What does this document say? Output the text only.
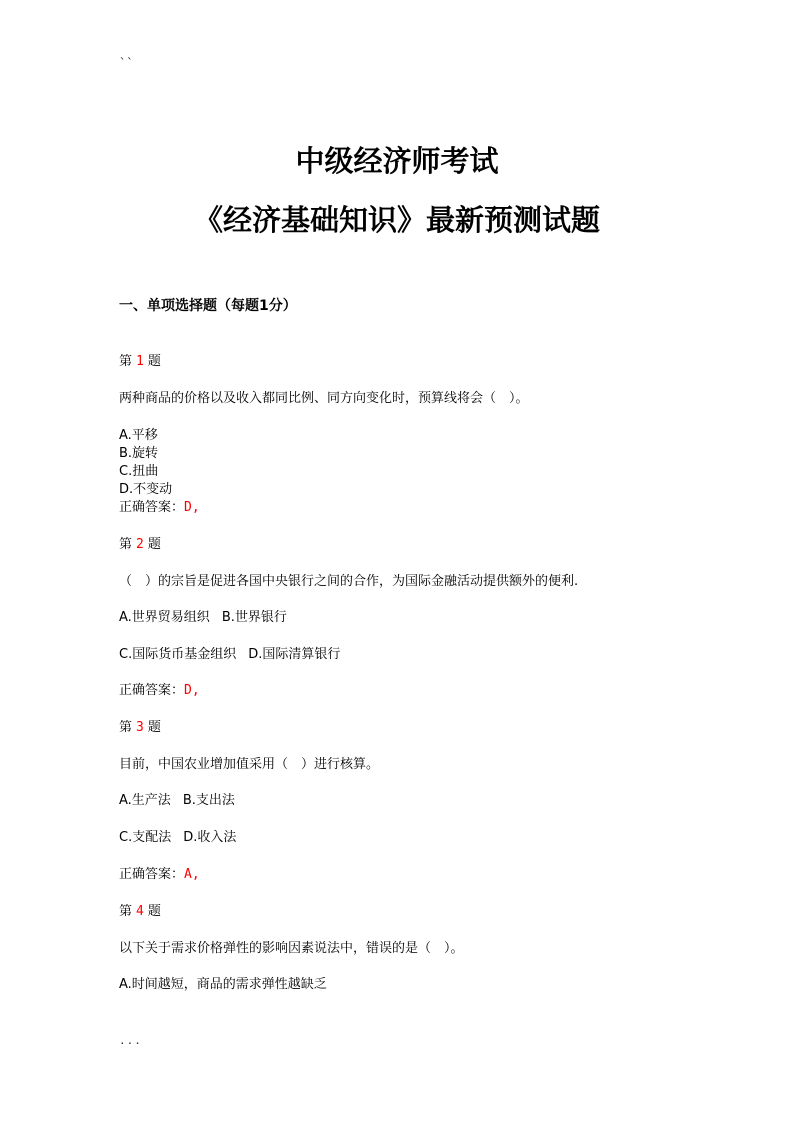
``
中级经济师考试
《经济基础知识》最新预测试题
一、单项选择题（每题1分）
第 1 题
两种商品的价格以及收入都同比例、同方向变化时，预算线将会（　）。
A.平移
B.旋转
C.扭曲
D.不变动
正确答案：D,
第 2 题
（　）的宗旨是促进各国中央银行之间的合作，为国际金融活动提供额外的便利.
A.世界贸易组织 B.世界银行
C.国际货币基金组织 D.国际清算银行
正确答案：D,
第 3 题
目前，中国农业增加值采用（　）进行核算。
A.生产法 B.支出法
C.支配法 D.收入法
正确答案：A,
第 4 题
以下关于需求价格弹性的影响因素说法中，错误的是（　）。
A.时间越短，商品的需求弹性越缺乏
...
